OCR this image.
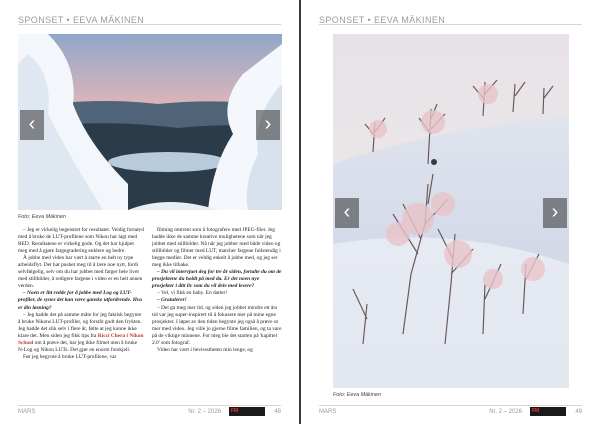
SPONSET • EEVA MÄKINEN
‹	›
Foto: Eeva Mäkinen

– Jeg er virkelig begeistret for resultatet. Veldig fornøyd med å bruke de LUT-profilene som Nikon har lagt med RED. Resultatene er virkelig gode. Og det har hjulpet meg med å gjøre fargegradering enklere og bedre.

Å jobbe med video har vært å starte en helt ny type arbeidsflyt. Det har pushet meg til å lære noe nytt, fordi selvfølgelig, selv om du har jobbet med farger hele livet med stillbilder, å redigere fargene i video er en helt annen verden.

– Noen er litt redde for å jobbe med Log og LUT-profiler, de synes det kan være ganske utfordrende. Hva er din løsning?

– Jeg hadde det på samme måte for jeg faktisk begynte å bruke Nikons LUT-profiler, og forstår godt den frykten. Jeg hadde det slik selv i flere år, følte at jeg kunne ikke klare det. Men siden jeg fikk tips fra Ricci Chera i Nikon School om å prøve det, har jeg ikke filmet uten å bruke N-Log og Nikon LUTs. Det gjør en enorm forskjell.

Før jeg begynte å bruke LUT-profilene, var

filming omtrent som å fotografere med JPEG-filer. Jeg hadde ikke de samme kreative mulighetene som når jeg jobbet med stillbilder. Nå når jeg jobber med både video og stillbilder og filmer med LUT, matcher fargene fullstendig i begge medier. Det er veldig enkelt å jobbe med, og jeg ser meg ikke tilbake.

– Du vil intervjuet deg for tre år siden, fortalte du om de prosjektene du holdt på med da. Er det noen nye prosjekter i ditt liv som du vil dele med lesere?

– Vel, vi fikk en baby. En datter!

– Gratulerer!

– Det ga meg mer tid, og siden jeg jobbet mindre ett års tid var jeg super-inspirert til å fokusere mer på mine egne prosjekter. I løpet av den tiden begynte jeg også å prøve ut mer med video. Jeg ville jo gjerne filme familien, og ta vare på de viktige minnene. For meg ble det starten på 'kapittel 2.0' som fotograf.

Video har vært i bevissstheten min lenge, og

MARS	Nr. 2 – 2026	FM FOTOMAG
48
SPONSET • EEVA MÄKINEN
‹	›
Foto: Eeva Mäkinen
MARS	Nr. 2 – 2026	FM FOTOMAG
49
